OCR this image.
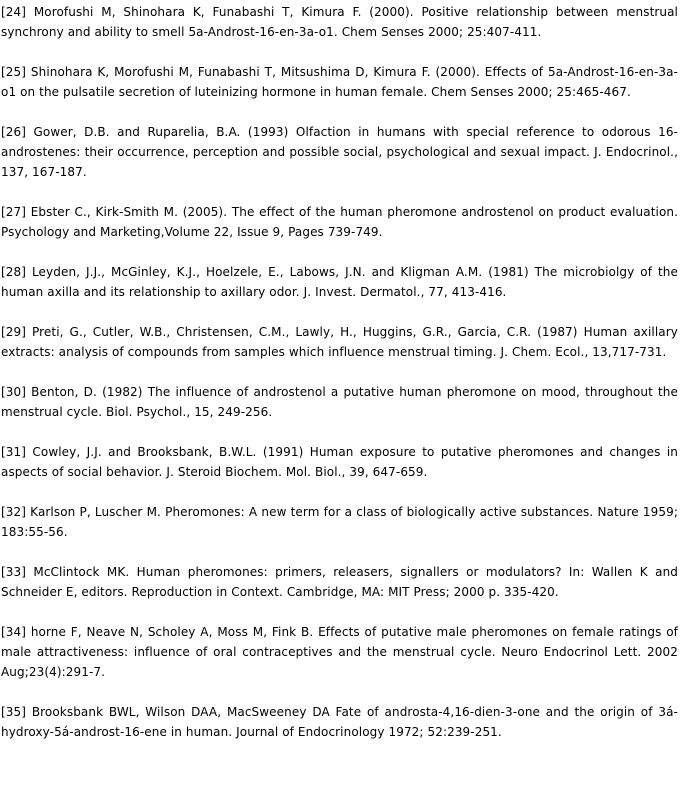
[24] Morofushi M, Shinohara K, Funabashi T, Kimura F. (2000). Positive relationship between menstrual synchrony and ability to smell 5a-Androst-16-en-3a-o1. Chem Senses 2000; 25:407-411.
[25] Shinohara K, Morofushi M, Funabashi T, Mitsushima D, Kimura F. (2000). Effects of 5a-Androst-16-en-3a-o1 on the pulsatile secretion of luteinizing hormone in human female. Chem Senses 2000; 25:465-467.
[26] Gower, D.B. and Ruparelia, B.A. (1993) Olfaction in humans with special reference to odorous 16-androstenes: their occurrence, perception and possible social, psychological and sexual impact. J. Endocrinol., 137, 167-187.
[27] Ebster C., Kirk-Smith M. (2005). The effect of the human pheromone androstenol on product evaluation. Psychology and Marketing,Volume 22, Issue 9, Pages 739-749.
[28] Leyden, J.J., McGinley, K.J., Hoelzele, E., Labows, J.N. and Kligman A.M. (1981) The microbiolgy of the human axilla and its relationship to axillary odor. J. Invest. Dermatol., 77, 413-416.
[29] Preti, G., Cutler, W.B., Christensen, C.M., Lawly, H., Huggins, G.R., Garcia, C.R. (1987) Human axillary extracts: analysis of compounds from samples which influence menstrual timing. J. Chem. Ecol., 13,717-731.
[30] Benton, D. (1982) The influence of androstenol a putative human pheromone on mood, throughout the menstrual cycle. Biol. Psychol., 15, 249-256.
[31] Cowley, J.J. and Brooksbank, B.W.L. (1991) Human exposure to putative pheromones and changes in aspects of social behavior. J. Steroid Biochem. Mol. Biol., 39, 647-659.
[32] Karlson P, Luscher M. Pheromones: A new term for a class of biologically active substances. Nature 1959; 183:55-56.
[33] McClintock MK. Human pheromones: primers, releasers, signallers or modulators? In: Wallen K and Schneider E, editors. Reproduction in Context. Cambridge, MA: MIT Press; 2000 p. 335-420.
[34] horne F, Neave N, Scholey A, Moss M, Fink B. Effects of putative male pheromones on female ratings of male attractiveness: influence of oral contraceptives and the menstrual cycle. Neuro Endocrinol Lett. 2002 Aug;23(4):291-7.
[35] Brooksbank BWL, Wilson DAA, MacSweeney DA Fate of androsta-4,16-dien-3-one and the origin of 3á-hydroxy-5á-androst-16-ene in human. Journal of Endocrinology 1972; 52:239-251.
